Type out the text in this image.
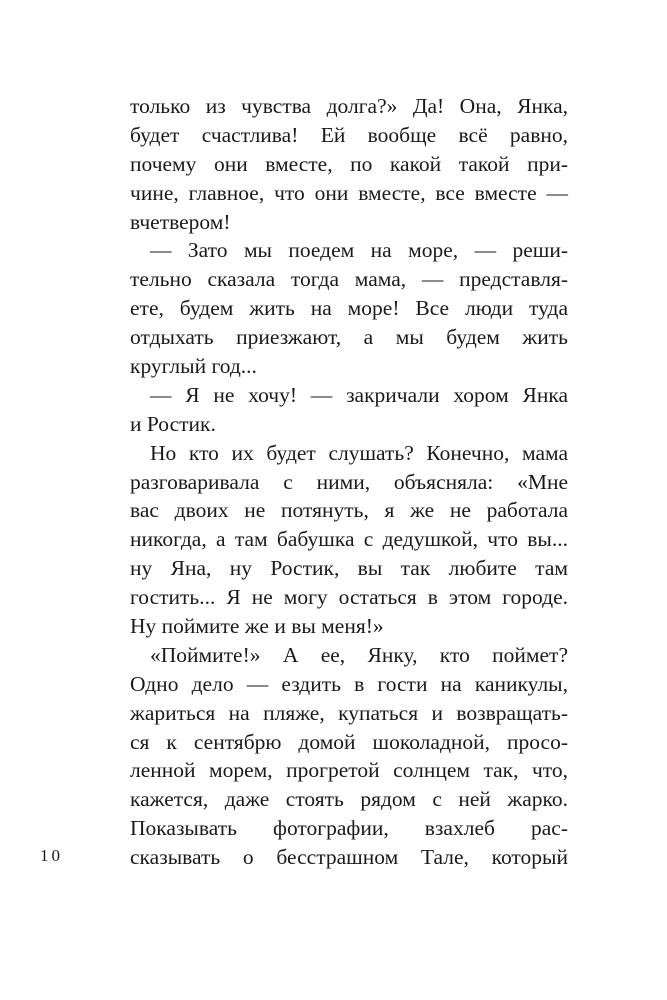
только из чувства долга?» Да! Она, Янка,
будет счастлива! Ей вообще всё равно,
почему они вместе, по какой такой при-
чине, главное, что они вместе, все вместе —
вчетвером!
— Зато мы поедем на море, — реши-
тельно сказала тогда мама, — представля-
ете, будем жить на море! Все люди туда
отдыхать приезжают, а мы будем жить
круглый год...
— Я не хочу! — закричали хором Янка
и Ростик.
Но кто их будет слушать? Конечно, мама
разговаривала с ними, объясняла: «Мне
вас двоих не потянуть, я же не работала
никогда, а там бабушка с дедушкой, что вы...
ну Яна, ну Ростик, вы так любите там
гостить... Я не могу остаться в этом городе.
Ну поймите же и вы меня!»
«Поймите!» А ее, Янку, кто поймет?
Одно дело — ездить в гости на каникулы,
жариться на пляже, купаться и возвращать-
ся к сентябрю домой шоколадной, просо-
ленной морем, прогретой солнцем так, что,
кажется, даже стоять рядом с ней жарко.
Показывать фотографии, взахлеб рас-
сказывать о бесстрашном Тале, который
10
